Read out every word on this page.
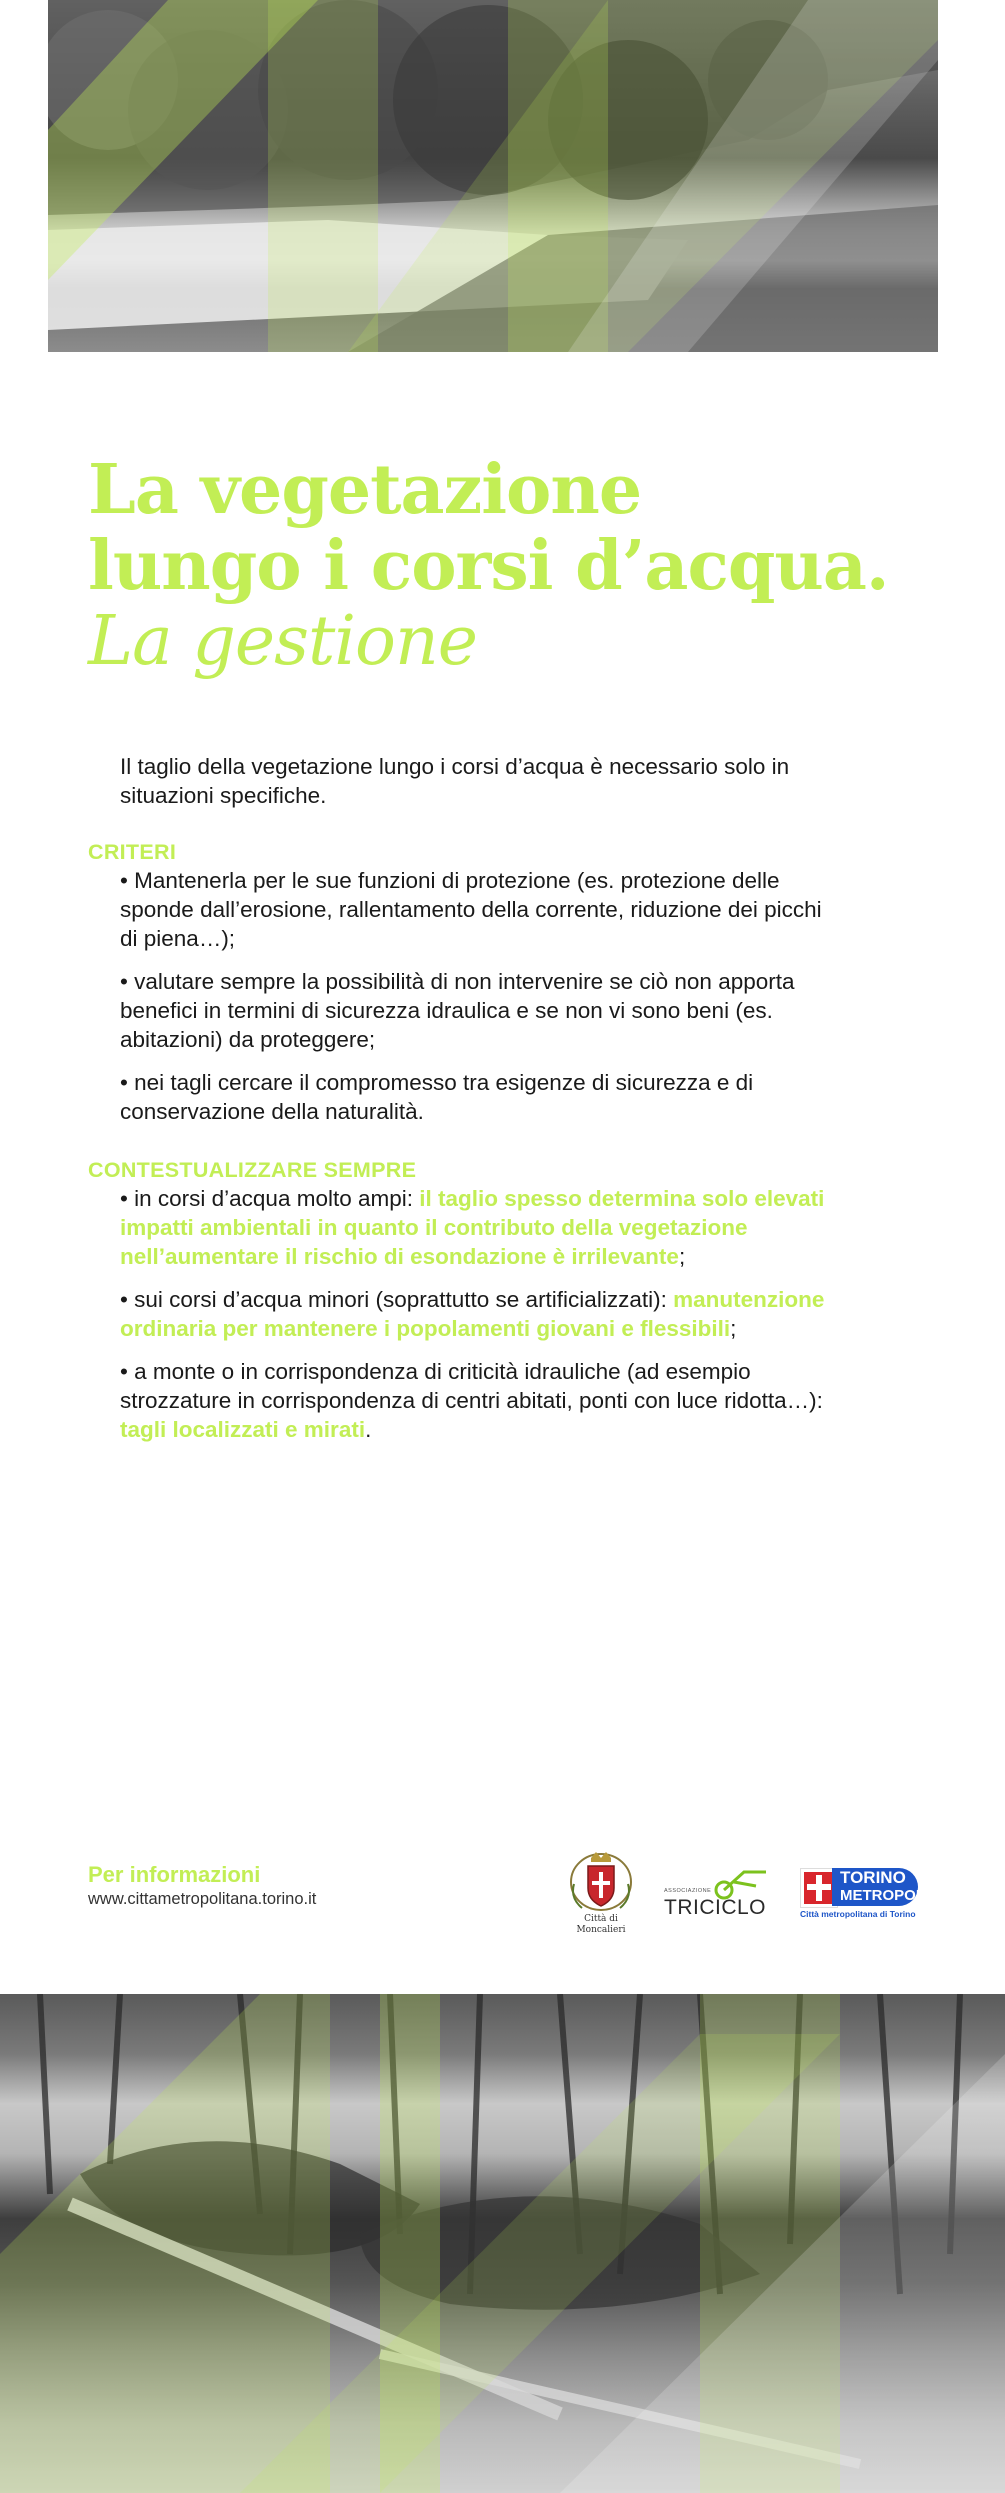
La vegetazione
lungo i corsi d’acqua.
La gestione
Il taglio della vegetazione lungo i corsi d’acqua è necessario solo in situazioni specifiche.
CRITERI

• Mantenerla per le sue funzioni di protezione (es. protezione delle sponde dall’erosione, rallentamento della corrente, riduzione dei picchi di piena…);

• valutare sempre la possibilità di non intervenire se ciò non apporta benefici in termini di sicurezza idraulica e se non vi sono beni (es. abitazioni) da proteggere;

• nei tagli cercare il compromesso tra esigenze di sicurezza e di conservazione della naturalità.

CONTESTUALIZZARE SEMPRE

• in corsi d’acqua molto ampi: il taglio spesso determina solo elevati impatti ambientali in quanto il contributo della vegetazione nell’aumentare il rischio di esondazione è irrilevante;

• sui corsi d’acqua minori (soprattutto se artificializzati): manutenzione ordinaria per mantenere i popolamenti giovani e flessibili;

• a monte o in corrispondenza di criticità idrauliche (ad esempio strozzature in corrispondenza di centri abitati, ponti con luce ridotta…): tagli localizzati e mirati.

Per informazioni
www.cittametropolitana.torino.it
Città di
Moncalieri
ASSOCIAZIONE
TRICICLO
TORINO
METROPOLI
Città metropolitana di Torino
